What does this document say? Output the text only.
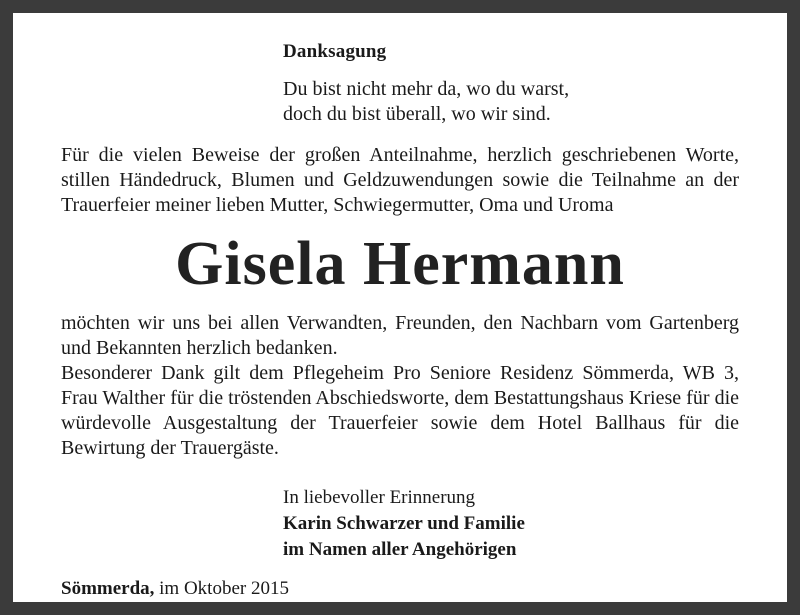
Danksagung
Du bist nicht mehr da, wo du warst,
doch du bist überall, wo wir sind.

Für die vielen Beweise der großen Anteilnahme, herzlich geschriebenen Worte, stillen Händedruck, Blumen und Geldzuwendungen sowie die Teilnahme an der Trauerfeier meiner lieben Mutter, Schwiegermutter, Oma und Uroma

Gisela Hermann

möchten wir uns bei allen Verwandten, Freunden, den Nachbarn vom Gartenberg und Bekannten herzlich bedanken.

Besonderer Dank gilt dem Pflegeheim Pro Seniore Residenz Sömmerda, WB 3, Frau Walther für die tröstenden Abschiedsworte, dem Bestattungshaus Kriese für die würdevolle Ausgestaltung der Trauerfeier sowie dem Hotel Ballhaus für die Bewirtung der Trauergäste.

In liebevoller Erinnerung
Karin Schwarzer und Familie
im Namen aller Angehörigen
Sömmerda, im Oktober 2015
